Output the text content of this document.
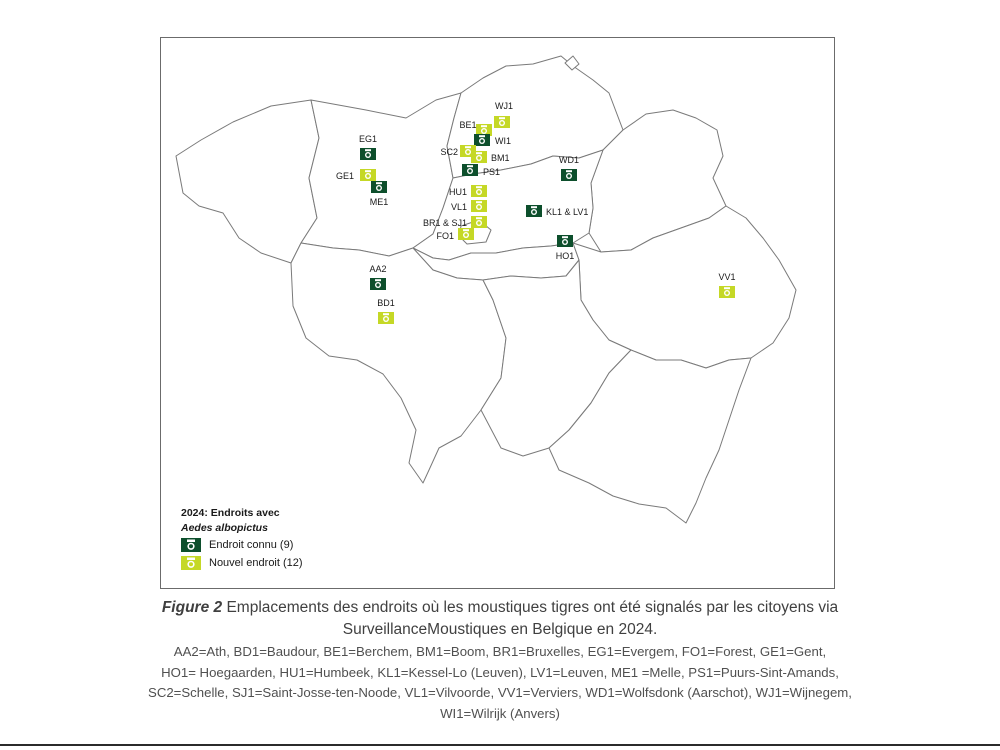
EG1
GE1
ME1
BE1
WJ1
WI1
SC2
BM1
PS1
HU1
VL1
BR1 & SJ1
FO1
WD1
KL1 & LV1
HO1
AA2
BD1
VV1
2024: Endroits avec
Aedes albopictus
Endroit connu (9)
Nouvel endroit (12)
Figure 2 Emplacements des endroits où les moustiques tigres ont été signalés par les citoyens via
SurveillanceMoustiques en Belgique en 2024.
AA2=Ath, BD1=Baudour, BE1=Berchem, BM1=Boom, BR1=Bruxelles, EG1=Evergem, FO1=Forest, GE1=Gent,
HO1= Hoegaarden, HU1=Humbeek, KL1=Kessel-Lo (Leuven), LV1=Leuven, ME1 =Melle, PS1=Puurs-Sint-Amands,
SC2=Schelle, SJ1=Saint-Josse-ten-Noode, VL1=Vilvoorde, VV1=Verviers, WD1=Wolfsdonk (Aarschot), WJ1=Wijnegem,
WI1=Wilrijk (Anvers)
